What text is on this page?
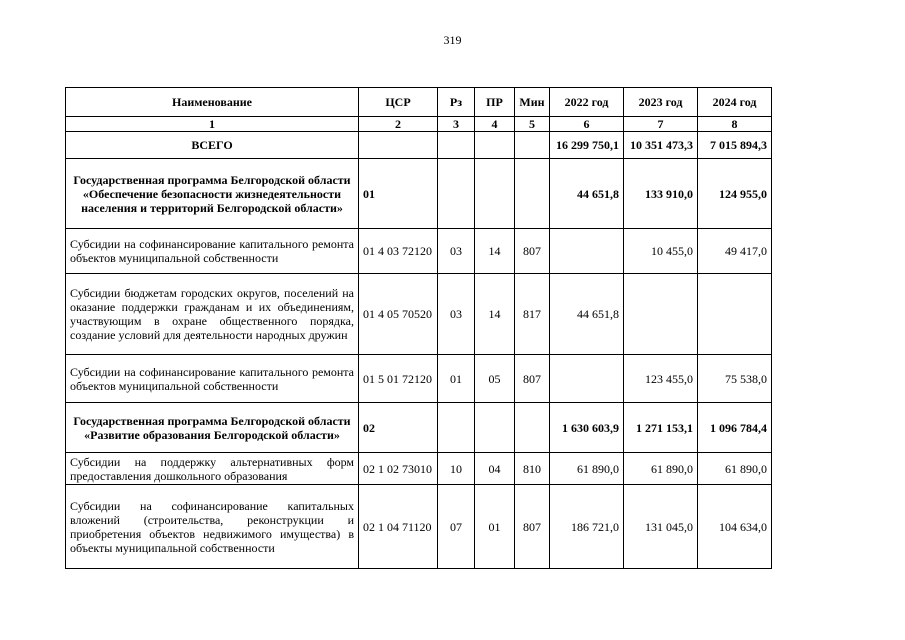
319
Наименование	ЦСР	Рз	ПР	Мин	2022 год	2023 год	2024 год
1	2	3	4	5	6	7	8
ВСЕГО					16 299 750,1	10 351 473,3	7 015 894,3
Государственная программа Белгородской области «Обеспечение безопасности жизнедеятельности населения и территорий Белгородской области»	01				44 651,8	133 910,0	124 955,0
Субсидии на софинансирование капитального ремонта объектов муниципальной собственности	01 4 03 72120	03	14	807		10 455,0	49 417,0
Субсидии бюджетам городских округов, поселений на оказание поддержки гражданам и их объединениям, участвующим в охране общественного порядка, создание условий для деятельности народных дружин	01 4 05 70520	03	14	817	44 651,8		
Субсидии на софинансирование капитального ремонта объектов муниципальной собственности	01 5 01 72120	01	05	807		123 455,0	75 538,0
Государственная программа Белгородской области «Развитие образования Белгородской области»	02				1 630 603,9	1 271 153,1	1 096 784,4
Субсидии на поддержку альтернативных форм предоставления дошкольного образования	02 1 02 73010	10	04	810	61 890,0	61 890,0	61 890,0
Субсидии на софинансирование капитальных вложений (строительства, реконструкции и приобретения объектов недвижимого имущества) в объекты муниципальной собственности	02 1 04 71120	07	01	807	186 721,0	131 045,0	104 634,0
